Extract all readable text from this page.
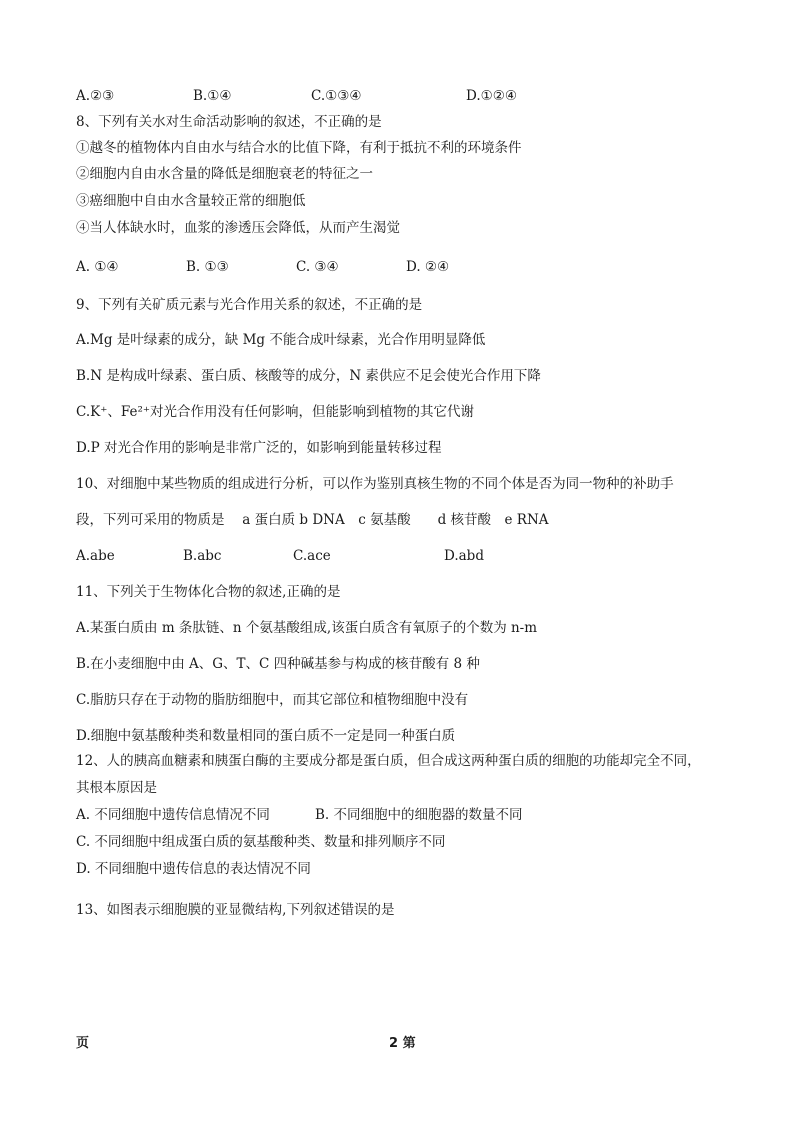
A.②③	B.①④	C.①③④	D.①②④
8、下列有关水对生命活动影响的叙述，不正确的是
①越冬的植物体内自由水与结合水的比值下降，有利于抵抗不利的环境条件
②细胞内自由水含量的降低是细胞衰老的特征之一
③癌细胞中自由水含量较正常的细胞低
④当人体缺水时，血浆的渗透压会降低，从而产生渴觉
A. ①④	B. ①③	C. ③④	D. ②④
9、下列有关矿质元素与光合作用关系的叙述，不正确的是
A.Mg 是叶绿素的成分，缺 Mg 不能合成叶绿素，光合作用明显降低
B.N 是构成叶绿素、蛋白质、核酸等的成分，N 素供应不足会使光合作用下降
C.K⁺、Fe²⁺对光合作用没有任何影响，但能影响到植物的其它代谢
D.P 对光合作用的影响是非常广泛的，如影响到能量转移过程
10、对细胞中某些物质的组成进行分析，可以作为鉴别真核生物的不同个体是否为同一物种的补助手
段，下列可采用的物质是　 a 蛋白质 b DNA　c 氨基酸　　d 核苷酸　e RNA
A.abe	B.abc	C.ace	D.abd
11、下列关于生物体化合物的叙述,正确的是
A.某蛋白质由 m 条肽链、n 个氨基酸组成,该蛋白质含有氧原子的个数为 n-m
B.在小麦细胞中由 A、G、T、C 四种碱基参与构成的核苷酸有 8 种
C.脂肪只存在于动物的脂肪细胞中，而其它部位和植物细胞中没有
D.细胞中氨基酸种类和数量相同的蛋白质不一定是同一种蛋白质
12、人的胰高血糖素和胰蛋白酶的主要成分都是蛋白质，但合成这两种蛋白质的细胞的功能却完全不同，
其根本原因是
A. 不同细胞中遗传信息情况不同	B. 不同细胞中的细胞器的数量不同
C. 不同细胞中组成蛋白质的氨基酸种类、数量和排列顺序不同
D. 不同细胞中遗传信息的表达情况不同
13、如图表示细胞膜的亚显微结构,下列叙述错误的是
页	2 第
